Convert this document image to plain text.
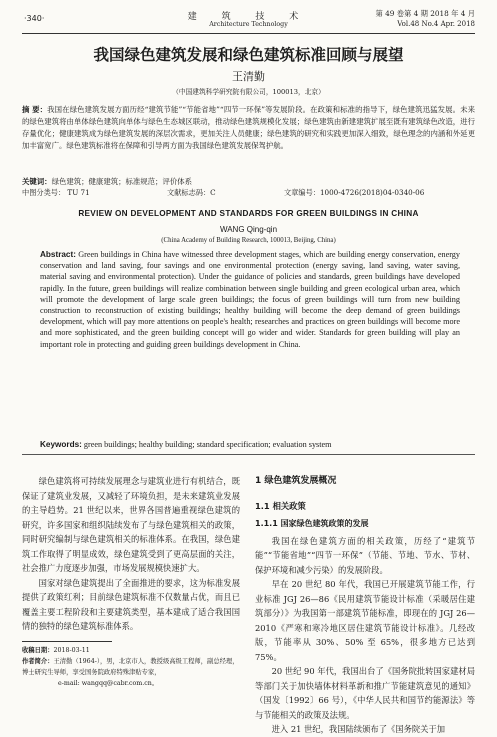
·340·	建 筑 技 术
Architecture Technology
第 49 卷第 4 期 2018 年 4 月
Vol.48 No.4 Apr. 2018
我国绿色建筑发展和绿色建筑标准回顾与展望
王清勤
（中国建筑科学研究院有限公司，100013，北京）
摘 要：我国在绿色建筑发展方面历经“建筑节能”“节能省地”“四节一环保”等发展阶段。在政策和标准的指导下，绿色建筑迅猛发展。未来的绿色建筑将由单体绿色建筑向单体与绿色生态城区联动，推动绿色建筑规模化发展；绿色建筑由新建建筑扩展至既有建筑绿色改造，进行存量优化；健康建筑成为绿色建筑发展的深层次需求，更加关注人员健康；绿色建筑的研究和实践更加深入细致，绿色理念的内涵和外延更加丰富宽广。绿色建筑标准将在保障和引导两方面为我国绿色建筑发展保驾护航。
关键词：绿色建筑；健康建筑；标准规范；评价体系
中图分类号： TU 71	文献标志码：C	文章编号：1000-4726(2018)04-0340-06
REVIEW ON DEVELOPMENT AND STANDARDS FOR GREEN BUILDINGS IN CHINA
WANG Qing-qin
(China Academy of Building Research, 100013, Beijing, China)
Abstract: Green buildings in China have witnessed three development stages, which are building energy conservation, energy conservation and land saving, four savings and one environmental protection (energy saving, land saving, water saving, material saving and environmental protection). Under the guidance of policies and standards, green buildings have developed rapidly. In the future, green buildings will realize combination between single building and green ecological urban area, which will promote the development of large scale green buildings; the focus of green buildings will turn from new building construction to reconstruction of existing buildings; healthy building will become the deep demand of green buildings development, which will pay more attentions on people's health; researches and practices on green buildings will become more and more sophisticated, and the green building concept will go wider and wider. Standards for green building will play an important role in protecting and guiding green buildings development in China.
Keywords: green buildings; healthy building; standard specification; evaluation system

绿色建筑将可持续发展理念与建筑业进行有机结合，既保证了建筑业发展，又减轻了环境负担，是未来建筑业发展的主导趋势。21 世纪以来，世界各国普遍重视绿色建筑的研究，许多国家和组织陆续发布了与绿色建筑相关的政策，同时研究编制与绿色建筑相关的标准体系。在我国，绿色建筑工作取得了明显成效，绿色建筑受到了更高层面的关注，社会推广力度逐步加强，市场发展规模快速扩大。

国家对绿色建筑提出了全面推进的要求，这为标准发展提供了政策红利；目前绿色建筑标准不仅数量占优，而且已覆盖主要工程阶段和主要建筑类型，基本建成了适合我国国情的独特的绿色建筑标准体系。

1 绿色建筑发展概况
1.1 相关政策
1.1.1 国家绿色建筑政策的发展

我国在绿色建筑方面的相关政策，历经了“建筑节能”“节能省地”“四节一环保”（节能、节地、节水、节材、保护环境和减少污染）的发展阶段。

早在 20 世纪 80 年代，我国已开展建筑节能工作，行业标准 JGJ 26—86《民用建筑节能设计标准（采暖居住建筑部分）》为我国第一部建筑节能标准，即现在的 JGJ 26—2010《严寒和寒冷地区居住建筑节能设计标准》。几经改版，节能率从 30%、50% 至 65%，很多地方已达到 75%。

20 世纪 90 年代，我国出台了《国务院批转国家建材局等部门关于加快墙体材料革新和推广节能建筑意见的通知》（国发〔1992〕66 号），《中华人民共和国节约能源法》等与节能相关的政策及法规。

进入 21 世纪，我国陆续颁布了《国务院关于加

收稿日期：2018-03-11
作者简介：王清勤（1964-），男，北京市人，教授级高级工程师，副总经理，博士研究生导师，享受国务院政府特殊津贴专家，
e-mail: wangqq@cabr.com.cn。
